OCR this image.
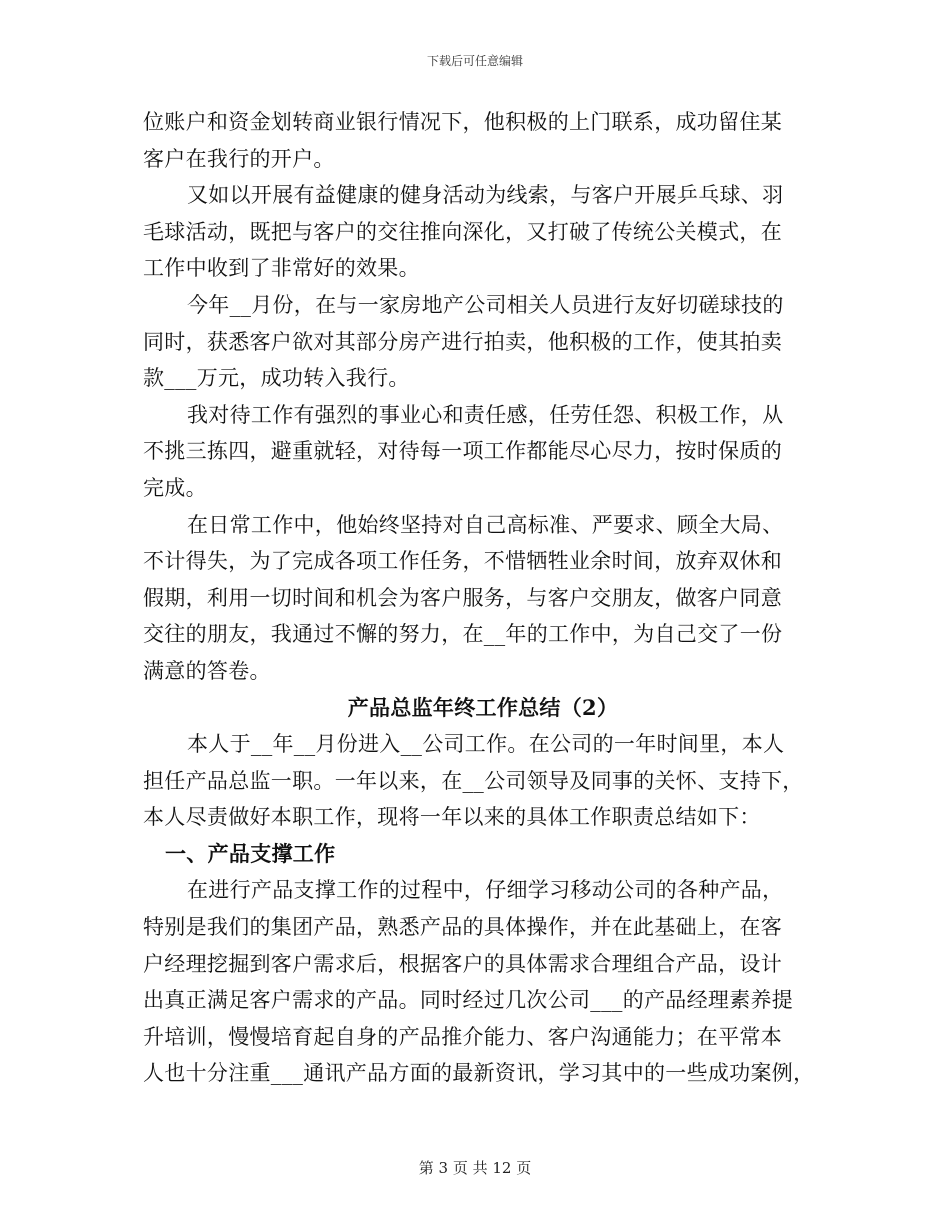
下载后可任意编辑
位账户和资金划转商业银行情况下，他积极的上门联系，成功留住某
客户在我行的开户。
又如以开展有益健康的健身活动为线索，与客户开展乒乓球、羽
毛球活动，既把与客户的交往推向深化，又打破了传统公关模式，在
工作中收到了非常好的效果。
今年__月份，在与一家房地产公司相关人员进行友好切磋球技的
同时，获悉客户欲对其部分房产进行拍卖，他积极的工作，使其拍卖
款___万元，成功转入我行。
我对待工作有强烈的事业心和责任感，任劳任怨、积极工作，从
不挑三拣四，避重就轻，对待每一项工作都能尽心尽力，按时保质的
完成。
在日常工作中，他始终坚持对自己高标准、严要求、顾全大局、
不计得失，为了完成各项工作任务，不惜牺牲业余时间，放弃双休和
假期，利用一切时间和机会为客户服务，与客户交朋友，做客户同意
交往的朋友，我通过不懈的努力，在__年的工作中，为自己交了一份
满意的答卷。
产品总监年终工作总结（2）
本人于__年__月份进入__公司工作。在公司的一年时间里，本人
担任产品总监一职。一年以来，在__公司领导及同事的关怀、支持下，
本人尽责做好本职工作，现将一年以来的具体工作职责总结如下：
一、产品支撑工作
在进行产品支撑工作的过程中，仔细学习移动公司的各种产品，
特别是我们的集团产品，熟悉产品的具体操作，并在此基础上，在客
户经理挖掘到客户需求后，根据客户的具体需求合理组合产品，设计
出真正满足客户需求的产品。同时经过几次公司___的产品经理素养提
升培训，慢慢培育起自身的产品推介能力、客户沟通能力；在平常本
人也十分注重___通讯产品方面的最新资讯，学习其中的一些成功案例，
第 3 页 共 12 页
